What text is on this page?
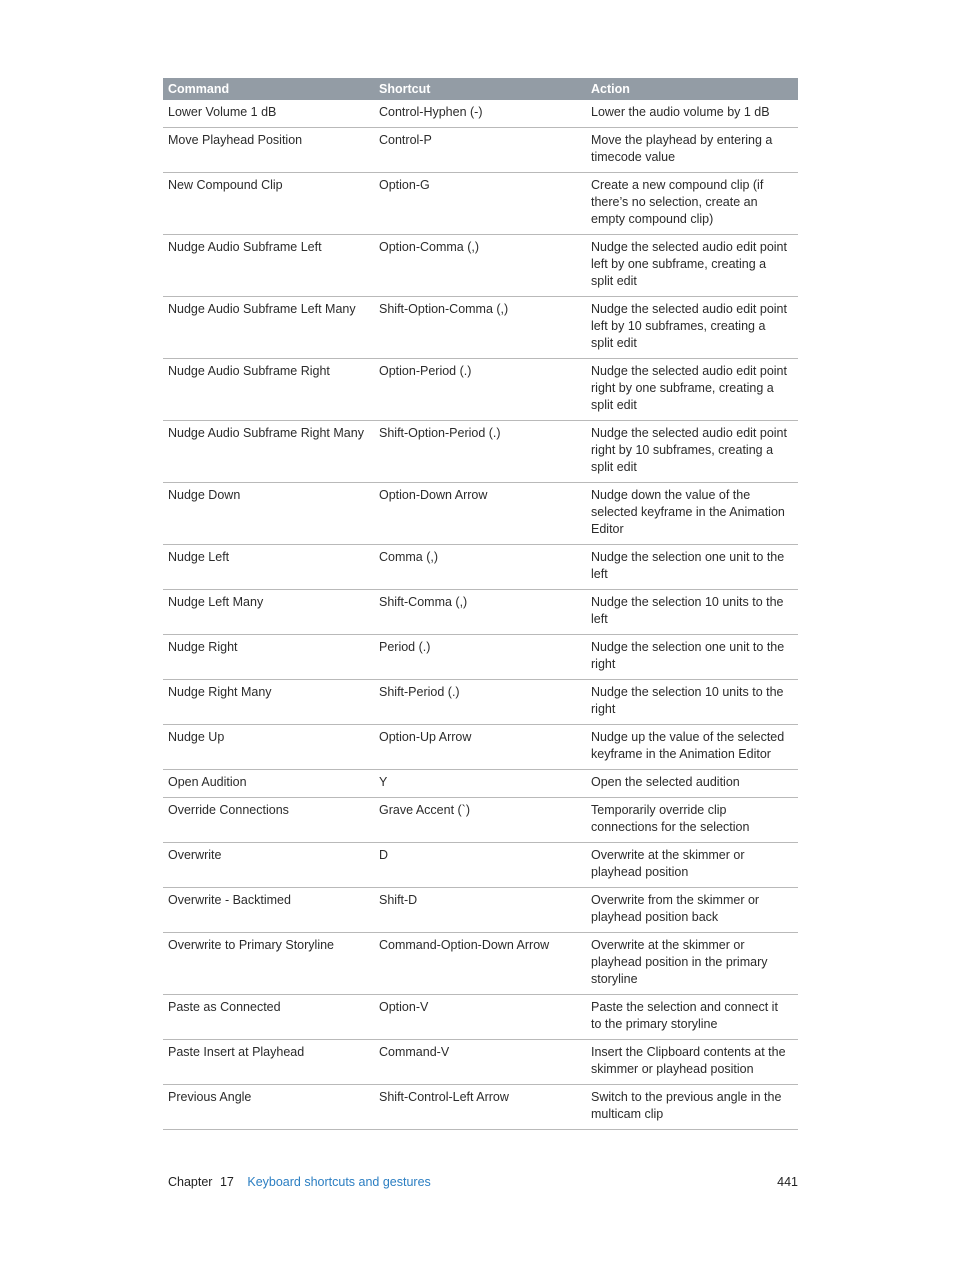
Command	Shortcut	Action
Lower Volume 1 dB	Control-Hyphen (-)	Lower the audio volume by 1 dB
Move Playhead Position	Control-P	Move the playhead by entering a timecode value
New Compound Clip	Option-G	Create a new compound clip (if there’s no selection, create an empty compound clip)
Nudge Audio Subframe Left	Option-Comma (,)	Nudge the selected audio edit point left by one subframe, creating a split edit
Nudge Audio Subframe Left Many	Shift-Option-Comma (,)	Nudge the selected audio edit point left by 10 subframes, creating a split edit
Nudge Audio Subframe Right	Option-Period (.)	Nudge the selected audio edit point right by one subframe, creating a split edit
Nudge Audio Subframe Right Many	Shift-Option-Period (.)	Nudge the selected audio edit point right by 10 subframes, creating a split edit
Nudge Down	Option-Down Arrow	Nudge down the value of the selected keyframe in the Animation Editor
Nudge Left	Comma (,)	Nudge the selection one unit to the left
Nudge Left Many	Shift-Comma (,)	Nudge the selection 10 units to the left
Nudge Right	Period (.)	Nudge the selection one unit to the right
Nudge Right Many	Shift-Period (.)	Nudge the selection 10 units to the right
Nudge Up	Option-Up Arrow	Nudge up the value of the selected keyframe in the Animation Editor
Open Audition	Y	Open the selected audition
Override Connections	Grave Accent (`)	Temporarily override clip connections for the selection
Overwrite	D	Overwrite at the skimmer or playhead position
Overwrite - Backtimed	Shift-D	Overwrite from the skimmer or playhead position back
Overwrite to Primary Storyline	Command-Option-Down Arrow	Overwrite at the skimmer or playhead position in the primary storyline
Paste as Connected	Option-V	Paste the selection and connect it to the primary storyline
Paste Insert at Playhead	Command-V	Insert the Clipboard contents at the skimmer or playhead position
Previous Angle	Shift-Control-Left Arrow	Switch to the previous angle in the multicam clip
Chapter 17 Keyboard shortcuts and gestures	441
